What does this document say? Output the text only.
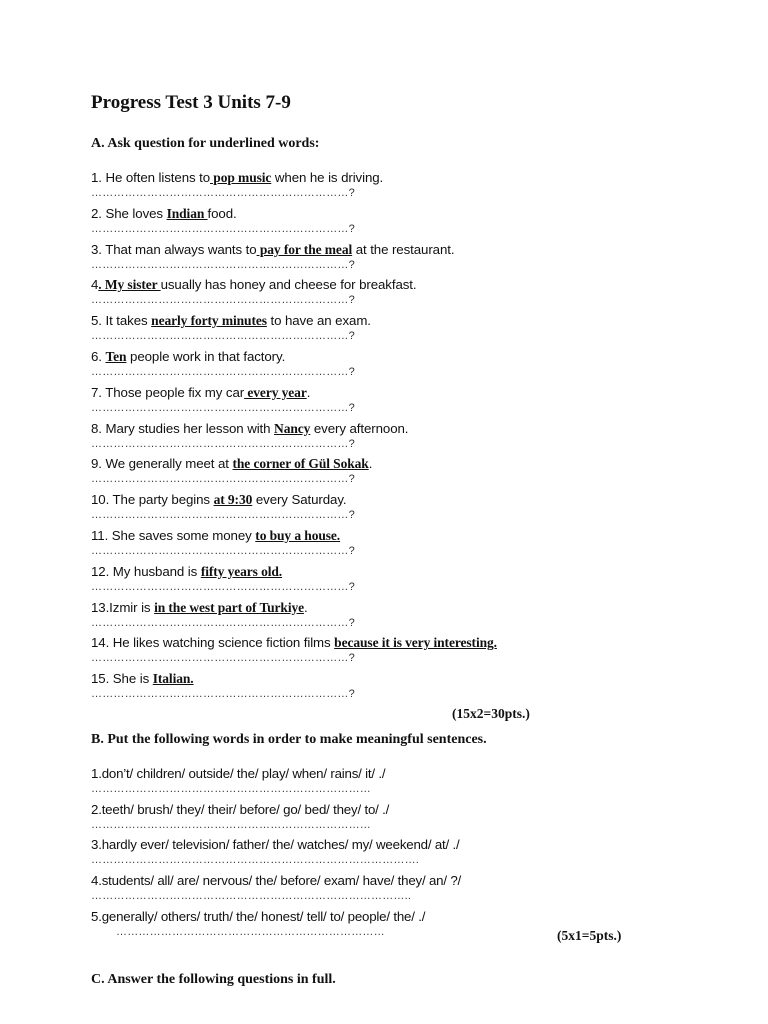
Progress Test 3 Units 7-9
A. Ask question for underlined words:
1. He often listens to pop music when he is driving.
……………………………………………………………?
2. She loves Indian food.
……………………………………………………………?
3. That man always wants to pay for the meal at the restaurant.
……………………………………………………………?
4. My sister usually has honey and cheese for breakfast.
……………………………………………………………?
5. It takes nearly forty minutes to have an exam.
……………………………………………………………?
6. Ten people work in that factory.
……………………………………………………………?
7. Those people fix my car every year.
……………………………………………………………?
8. Mary studies her lesson with Nancy every afternoon.
……………………………………………………………?
9. We generally meet at the corner of Gül Sokak.
……………………………………………………………?
10. The party begins at 9:30 every Saturday.
……………………………………………………………?
11. She saves some money to buy a house.
……………………………………………………………?
12. My husband is fifty years old.
……………………………………………………………?
13.Izmir is in the west part of Turkiye.
……………………………………………………………?
14. He likes watching science fiction films because it is very interesting.
……………………………………………………………?
15. She is Italian.
……………………………………………………………?
(15x2=30pts.)
B. Put the following words in order to make meaningful sentences.
1.don’t/ children/ outside/ the/ play/ when/ rains/ it/ ./
…………………………………………………………………
2.teeth/ brush/ they/ their/ before/ go/ bed/ they/ to/ ./
…………………………………………………………………
3.hardly ever/ television/ father/ the/ watches/ my/ weekend/ at/ ./
…………………………………………………………………………….
4.students/ all/ are/ nervous/ the/ before/ exam/ have/ they/ an/ ?/
…………………………………………………………………………..
5.generally/ others/ truth/ the/ honest/ tell/ to/ people/ the/ ./
………………………………………………………………	(5x1=5pts.)
C. Answer the following questions in full.
